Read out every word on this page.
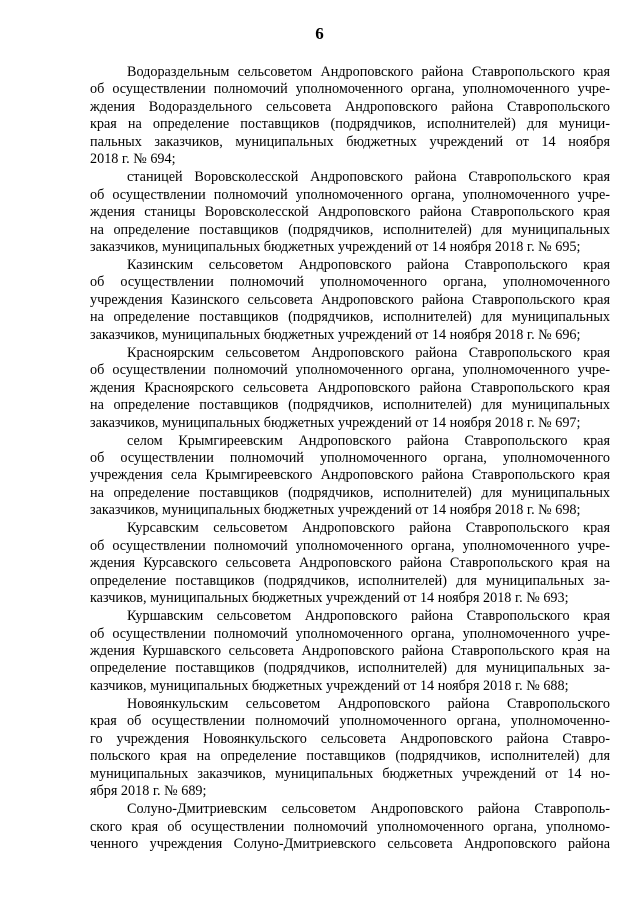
6
Водораздельным сельсоветом Андроповского района Ставропольского края
об осуществлении полномочий уполномоченного органа, уполномоченного учре-
ждения Водораздельного сельсовета Андроповского района Ставропольского
края на определение поставщиков (подрядчиков, исполнителей) для муници-
пальных заказчиков, муниципальных бюджетных учреждений от 14 ноября
2018 г. № 694;
станицей Воровсколесской Андроповского района Ставропольского края
об осуществлении полномочий уполномоченного органа, уполномоченного учре-
ждения станицы Воровсколесской Андроповского района Ставропольского края
на определение поставщиков (подрядчиков, исполнителей) для муниципальных
заказчиков, муниципальных бюджетных учреждений от 14 ноября 2018 г. № 695;
Казинским сельсоветом Андроповского района Ставропольского края
об осуществлении полномочий уполномоченного органа, уполномоченного
учреждения Казинского сельсовета Андроповского района Ставропольского края
на определение поставщиков (подрядчиков, исполнителей) для муниципальных
заказчиков, муниципальных бюджетных учреждений от 14 ноября 2018 г. № 696;
Красноярским сельсоветом Андроповского района Ставропольского края
об осуществлении полномочий уполномоченного органа, уполномоченного учре-
ждения Красноярского сельсовета Андроповского района Ставропольского края
на определение поставщиков (подрядчиков, исполнителей) для муниципальных
заказчиков, муниципальных бюджетных учреждений от 14 ноября 2018 г. № 697;
селом Крымгиреевским Андроповского района Ставропольского края
об осуществлении полномочий уполномоченного органа, уполномоченного
учреждения села Крымгиреевского Андроповского района Ставропольского края
на определение поставщиков (подрядчиков, исполнителей) для муниципальных
заказчиков, муниципальных бюджетных учреждений от 14 ноября 2018 г. № 698;
Курсавским сельсоветом Андроповского района Ставропольского края
об осуществлении полномочий уполномоченного органа, уполномоченного учре-
ждения Курсавского сельсовета Андроповского района Ставропольского края на
определение поставщиков (подрядчиков, исполнителей) для муниципальных за-
казчиков, муниципальных бюджетных учреждений от 14 ноября 2018 г. № 693;
Куршавским сельсоветом Андроповского района Ставропольского края
об осуществлении полномочий уполномоченного органа, уполномоченного учре-
ждения Куршавского сельсовета Андроповского района Ставропольского края на
определение поставщиков (подрядчиков, исполнителей) для муниципальных за-
казчиков, муниципальных бюджетных учреждений от 14 ноября 2018 г. № 688;
Новоянкульским сельсоветом Андроповского района Ставропольского
края об осуществлении полномочий уполномоченного органа, уполномоченно-
го учреждения Новоянкульского сельсовета Андроповского района Ставро-
польского края на определение поставщиков (подрядчиков, исполнителей) для
муниципальных заказчиков, муниципальных бюджетных учреждений от 14 но-
ября 2018 г. № 689;
Солуно-Дмитриевским сельсоветом Андроповского района Ставрополь-
ского края об осуществлении полномочий уполномоченного органа, уполномо-
ченного учреждения Солуно-Дмитриевского сельсовета Андроповского района
